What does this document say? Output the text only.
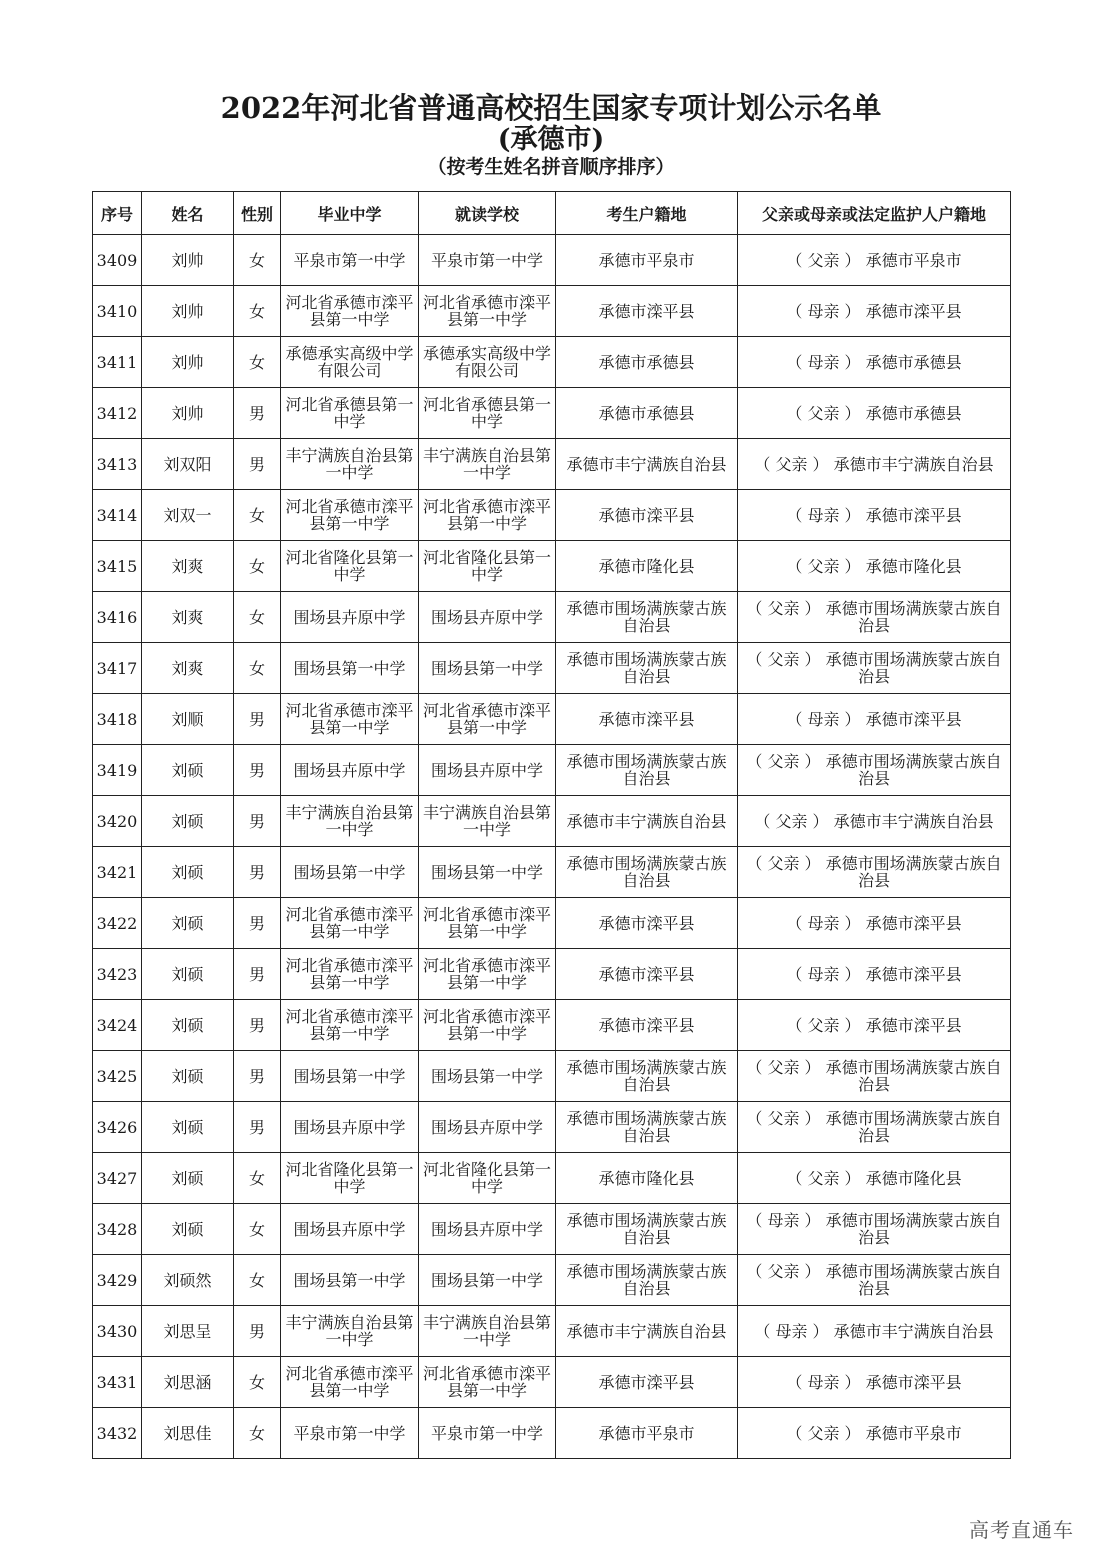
2022年河北省普通高校招生国家专项计划公示名单
(承德市)
（按考生姓名拼音顺序排序）
序号	姓名	性别	毕业中学	就读学校	考生户籍地	父亲或母亲或法定监护人户籍地
3409	刘帅	女	平泉市第一中学	平泉市第一中学	承德市平泉市	（ 父亲 ） 承德市平泉市
3410	刘帅	女	河北省承德市滦平县第一中学	河北省承德市滦平县第一中学	承德市滦平县	（ 母亲 ） 承德市滦平县
3411	刘帅	女	承德承实高级中学有限公司	承德承实高级中学有限公司	承德市承德县	（ 母亲 ） 承德市承德县
3412	刘帅	男	河北省承德县第一中学	河北省承德县第一中学	承德市承德县	（ 父亲 ） 承德市承德县
3413	刘双阳	男	丰宁满族自治县第一中学	丰宁满族自治县第一中学	承德市丰宁满族自治县	（ 父亲 ） 承德市丰宁满族自治县
3414	刘双一	女	河北省承德市滦平县第一中学	河北省承德市滦平县第一中学	承德市滦平县	（ 母亲 ） 承德市滦平县
3415	刘爽	女	河北省隆化县第一中学	河北省隆化县第一中学	承德市隆化县	（ 父亲 ） 承德市隆化县
3416	刘爽	女	围场县卉原中学	围场县卉原中学	承德市围场满族蒙古族自治县	（ 父亲 ） 承德市围场满族蒙古族自治县
3417	刘爽	女	围场县第一中学	围场县第一中学	承德市围场满族蒙古族自治县	（ 父亲 ） 承德市围场满族蒙古族自治县
3418	刘顺	男	河北省承德市滦平县第一中学	河北省承德市滦平县第一中学	承德市滦平县	（ 母亲 ） 承德市滦平县
3419	刘硕	男	围场县卉原中学	围场县卉原中学	承德市围场满族蒙古族自治县	（ 父亲 ） 承德市围场满族蒙古族自治县
3420	刘硕	男	丰宁满族自治县第一中学	丰宁满族自治县第一中学	承德市丰宁满族自治县	（ 父亲 ） 承德市丰宁满族自治县
3421	刘硕	男	围场县第一中学	围场县第一中学	承德市围场满族蒙古族自治县	（ 父亲 ） 承德市围场满族蒙古族自治县
3422	刘硕	男	河北省承德市滦平县第一中学	河北省承德市滦平县第一中学	承德市滦平县	（ 母亲 ） 承德市滦平县
3423	刘硕	男	河北省承德市滦平县第一中学	河北省承德市滦平县第一中学	承德市滦平县	（ 母亲 ） 承德市滦平县
3424	刘硕	男	河北省承德市滦平县第一中学	河北省承德市滦平县第一中学	承德市滦平县	（ 父亲 ） 承德市滦平县
3425	刘硕	男	围场县第一中学	围场县第一中学	承德市围场满族蒙古族自治县	（ 父亲 ） 承德市围场满族蒙古族自治县
3426	刘硕	男	围场县卉原中学	围场县卉原中学	承德市围场满族蒙古族自治县	（ 父亲 ） 承德市围场满族蒙古族自治县
3427	刘硕	女	河北省隆化县第一中学	河北省隆化县第一中学	承德市隆化县	（ 父亲 ） 承德市隆化县
3428	刘硕	女	围场县卉原中学	围场县卉原中学	承德市围场满族蒙古族自治县	（ 母亲 ） 承德市围场满族蒙古族自治县
3429	刘硕然	女	围场县第一中学	围场县第一中学	承德市围场满族蒙古族自治县	（ 父亲 ） 承德市围场满族蒙古族自治县
3430	刘思呈	男	丰宁满族自治县第一中学	丰宁满族自治县第一中学	承德市丰宁满族自治县	（ 母亲 ） 承德市丰宁满族自治县
3431	刘思涵	女	河北省承德市滦平县第一中学	河北省承德市滦平县第一中学	承德市滦平县	（ 母亲 ） 承德市滦平县
3432	刘思佳	女	平泉市第一中学	平泉市第一中学	承德市平泉市	（ 父亲 ） 承德市平泉市
高考直通车
